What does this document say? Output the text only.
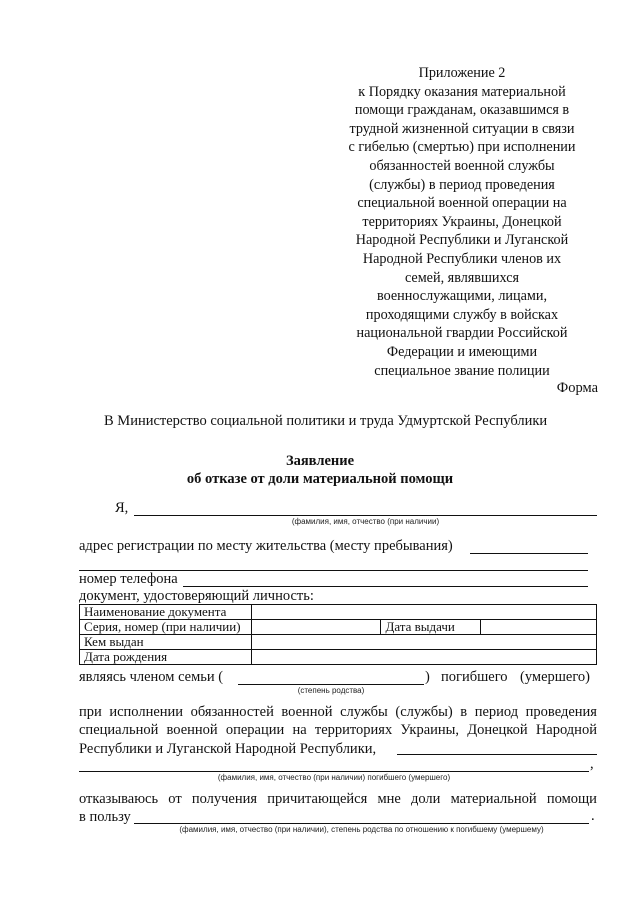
Приложение 2
к Порядку оказания материальной
помощи гражданам, оказавшимся в
трудной жизненной ситуации в связи
с гибелью (смертью) при исполнении
обязанностей военной службы
(службы) в период проведения
специальной военной операции на
территориях Украины, Донецкой
Народной Республики и Луганской
Народной Республики членов их
семей, являвшихся
военнослужащими, лицами,
проходящими службу в войсках
национальной гвардии Российской
Федерации и имеющими
специальное звание полиции
Форма
В Министерство социальной политики и труда Удмуртской Республики
Заявление
об отказе от доли материальной помощи
Я,
(фамилия, имя, отчество (при наличии)
адрес регистрации по месту жительства (месту пребывания)
номер телефона
документ, удостоверяющий личность:
Наименование документа			
Серия, номер (при наличии)		Дата выдачи	
Кем выдан			
Дата рождения			
являясь членом семьи (	) погибшего (умершего)
(степень родства)
при исполнении обязанностей военной службы (службы) в период проведения
специальной военной операции на территориях Украины, Донецкой Народной
Республики и Луганской Народной Республики,
,
(фамилия, имя, отчество (при наличии) погибшего (умершего)
отказываюсь от получения причитающейся мне доли материальной помощи
в пользу	.
(фамилия, имя, отчество (при наличии), степень родства по отношению к погибшему (умершему)
